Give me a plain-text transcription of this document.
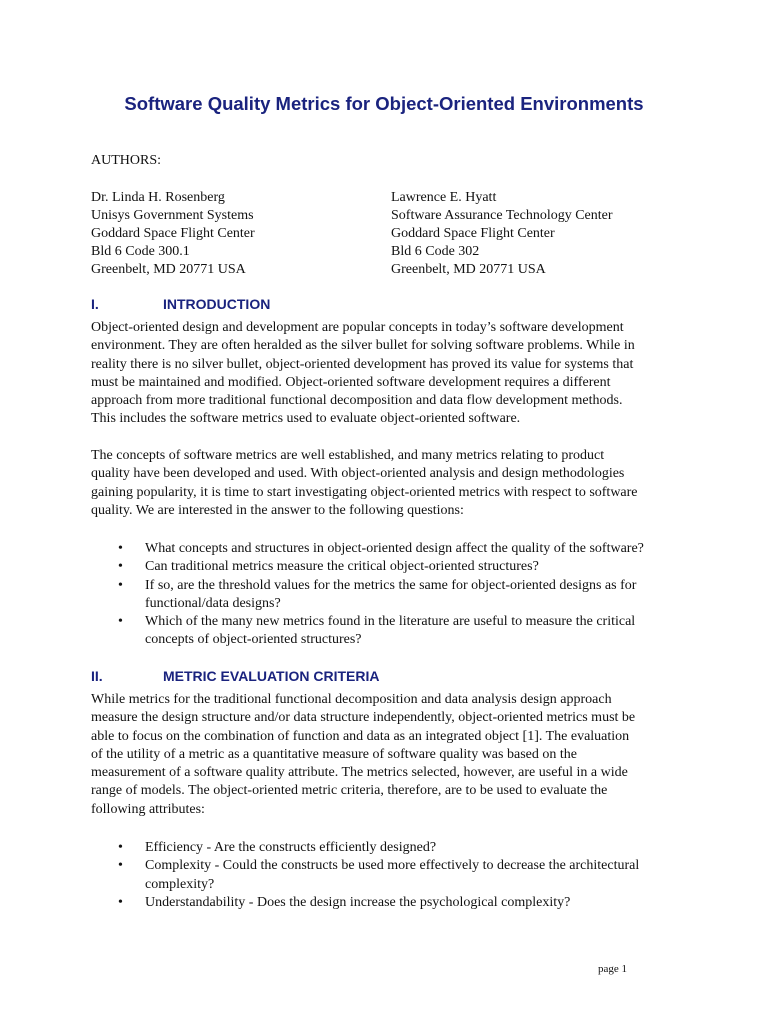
Software Quality Metrics for Object-Oriented Environments

AUTHORS:

Dr. Linda H. Rosenberg
Unisys Government Systems
Goddard Space Flight Center
Bld 6 Code 300.1
Greenbelt, MD 20771 USA
Lawrence E. Hyatt
Software Assurance Technology Center
Goddard Space Flight Center
Bld 6 Code 302
Greenbelt, MD 20771 USA
I.	INTRODUCTION

Object-oriented design and development are popular concepts in today’s software development
environment. They are often heralded as the silver bullet for solving software problems. While in
reality there is no silver bullet, object-oriented development has proved its value for systems that
must be maintained and modified. Object-oriented software development requires a different
approach from more traditional functional decomposition and data flow development methods.
This includes the software metrics used to evaluate object-oriented software.

The concepts of software metrics are well established, and many metrics relating to product
quality have been developed and used. With object-oriented analysis and design methodologies
gaining popularity, it is time to start investigating object-oriented metrics with respect to software
quality. We are interested in the answer to the following questions:

• What concepts and structures in object-oriented design affect the quality of the software?
• Can traditional metrics measure the critical object-oriented structures?
• If so, are the threshold values for the metrics the same for object-oriented designs as for
functional/data designs?
• Which of the many new metrics found in the literature are useful to measure the critical
concepts of object-oriented structures?
II.	METRIC EVALUATION CRITERIA

While metrics for the traditional functional decomposition and data analysis design approach
measure the design structure and/or data structure independently, object-oriented metrics must be
able to focus on the combination of function and data as an integrated object [1]. The evaluation
of the utility of a metric as a quantitative measure of software quality was based on the
measurement of a software quality attribute. The metrics selected, however, are useful in a wide
range of models. The object-oriented metric criteria, therefore, are to be used to evaluate the
following attributes:

• Efficiency - Are the constructs efficiently designed?
• Complexity - Could the constructs be used more effectively to decrease the architectural
complexity?
• Understandability - Does the design increase the psychological complexity?

page 1
